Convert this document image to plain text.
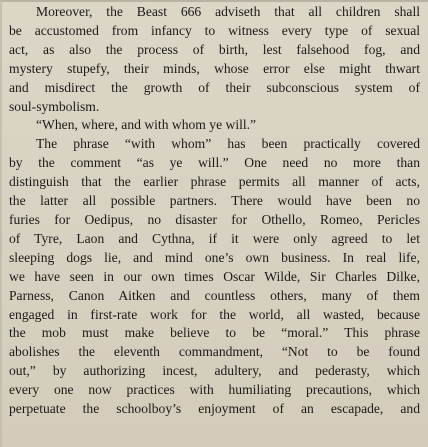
Moreover, the Beast 666 adviseth that all children shall
be accustomed from infancy to witness every type of sexual
act, as also the process of birth, lest falsehood fog, and
mystery stupefy, their minds, whose error else might thwart
and misdirect the growth of their subconscious system of
soul-symbolism.
“When, where, and with whom ye will.”
The phrase “with whom” has been practically covered
by the comment “as ye will.” One need no more than
distinguish that the earlier phrase permits all manner of acts,
the latter all possible partners. There would have been no
furies for Oedipus, no disaster for Othello, Romeo, Pericles
of Tyre, Laon and Cythna, if it were only agreed to let
sleeping dogs lie, and mind one’s own business. In real life,
we have seen in our own times Oscar Wilde, Sir Charles Dilke,
Parness, Canon Aitken and countless others, many of them
engaged in first-rate work for the world, all wasted, because
the mob must make believe to be “moral.” This phrase
abolishes the eleventh commandment, “Not to be found
out,” by authorizing incest, adultery, and pederasty, which
every one now practices with humiliating precautions, which
perpetuate the schoolboy’s enjoyment of an escapade, and
